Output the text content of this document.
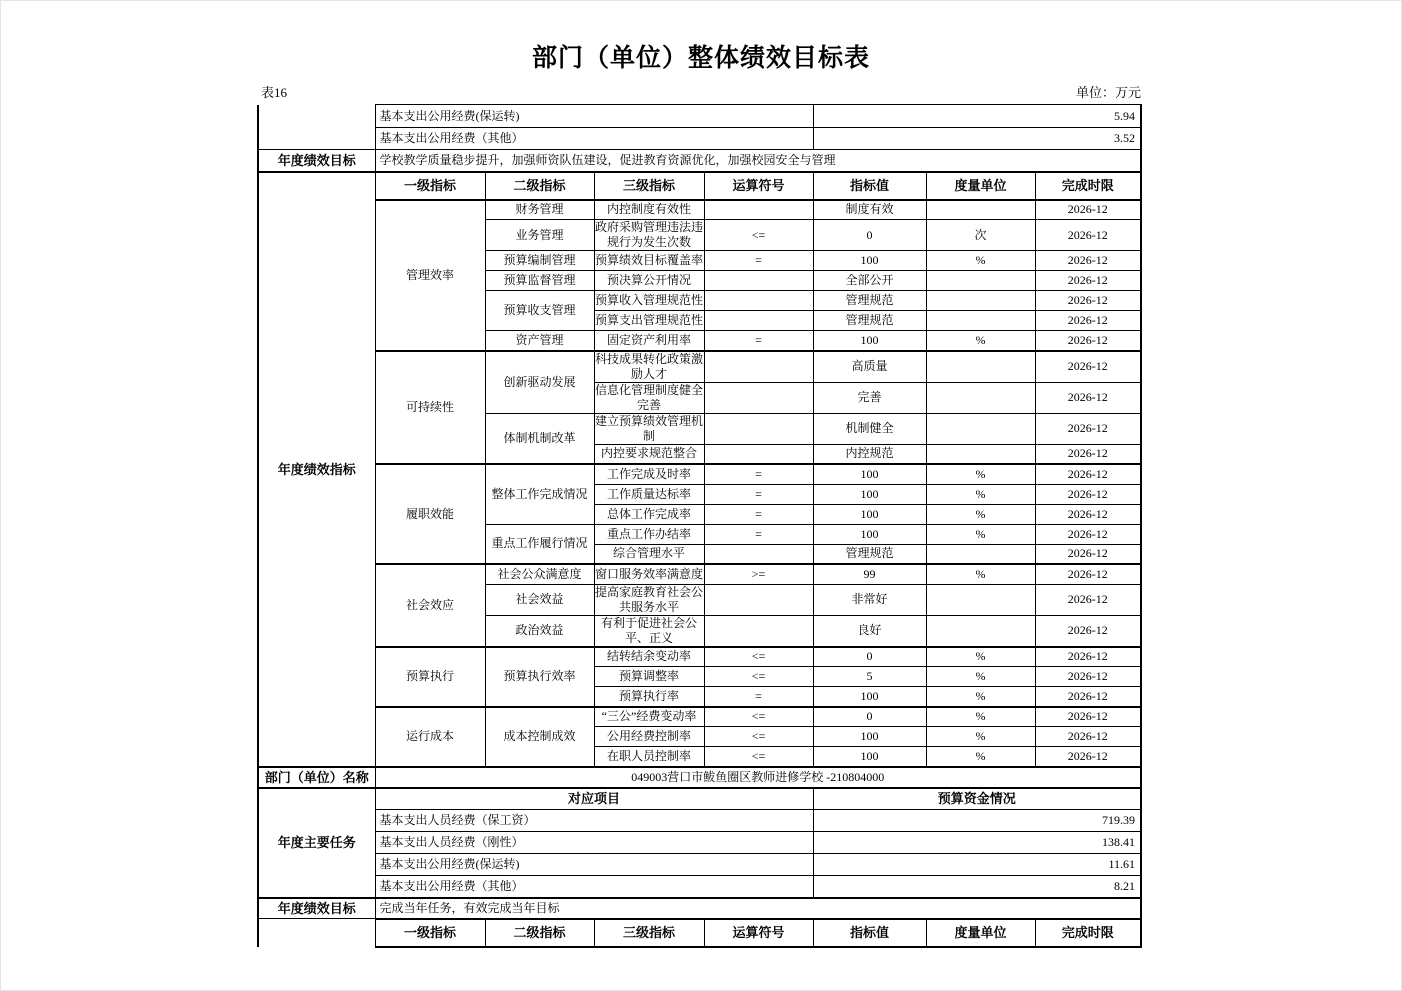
部门（单位）整体绩效目标表
表16	单位：万元
	基本支出公用经费(保运转)				5.94		
	基本支出公用经费（其他）				3.52		
年度绩效目标	学校教学质量稳步提升，加强师资队伍建设，促进教育资源优化，加强校园安全与管理						
年度绩效指标	一级指标	二级指标	三级指标	运算符号	指标值	度量单位	完成时限
	管理效率	财务管理	内控制度有效性		制度有效		2026-12
		业务管理	政府采购管理违法违规行为发生次数	<=	0	次	2026-12
		预算编制管理	预算绩效目标覆盖率	=	100	%	2026-12
		预算监督管理	预决算公开情况		全部公开		2026-12
		预算收支管理	预算收入管理规范性		管理规范		2026-12
			预算支出管理规范性		管理规范		2026-12
		资产管理	固定资产利用率	=	100	%	2026-12
	可持续性	创新驱动发展	科技成果转化政策激励人才		高质量		2026-12
			信息化管理制度健全完善		完善		2026-12
		体制机制改革	建立预算绩效管理机制		机制健全		2026-12
			内控要求规范整合		内控规范		2026-12
	履职效能	整体工作完成情况	工作完成及时率	=	100	%	2026-12
			工作质量达标率	=	100	%	2026-12
			总体工作完成率	=	100	%	2026-12
		重点工作履行情况	重点工作办结率	=	100	%	2026-12
			综合管理水平		管理规范		2026-12
	社会效应	社会公众满意度	窗口服务效率满意度	>=	99	%	2026-12
		社会效益	提高家庭教育社会公共服务水平		非常好		2026-12
		政治效益	有利于促进社会公平、正义		良好		2026-12
	预算执行	预算执行效率	结转结余变动率	<=	0	%	2026-12
			预算调整率	<=	5	%	2026-12
			预算执行率	=	100	%	2026-12
	运行成本	成本控制成效	“三公”经费变动率	<=	0	%	2026-12
			公用经费控制率	<=	100	%	2026-12
			在职人员控制率	<=	100	%	2026-12
部门（单位）名称	049003营口市鲅鱼圈区教师进修学校 -210804000						
年度主要任务	对应项目				预算资金情况		
	基本支出人员经费（保工资）				719.39		
	基本支出人员经费（刚性）				138.41		
	基本支出公用经费(保运转)				11.61		
	基本支出公用经费（其他）				8.21		
年度绩效目标	完成当年任务，有效完成当年目标						
	一级指标	二级指标	三级指标	运算符号	指标值	度量单位	完成时限
